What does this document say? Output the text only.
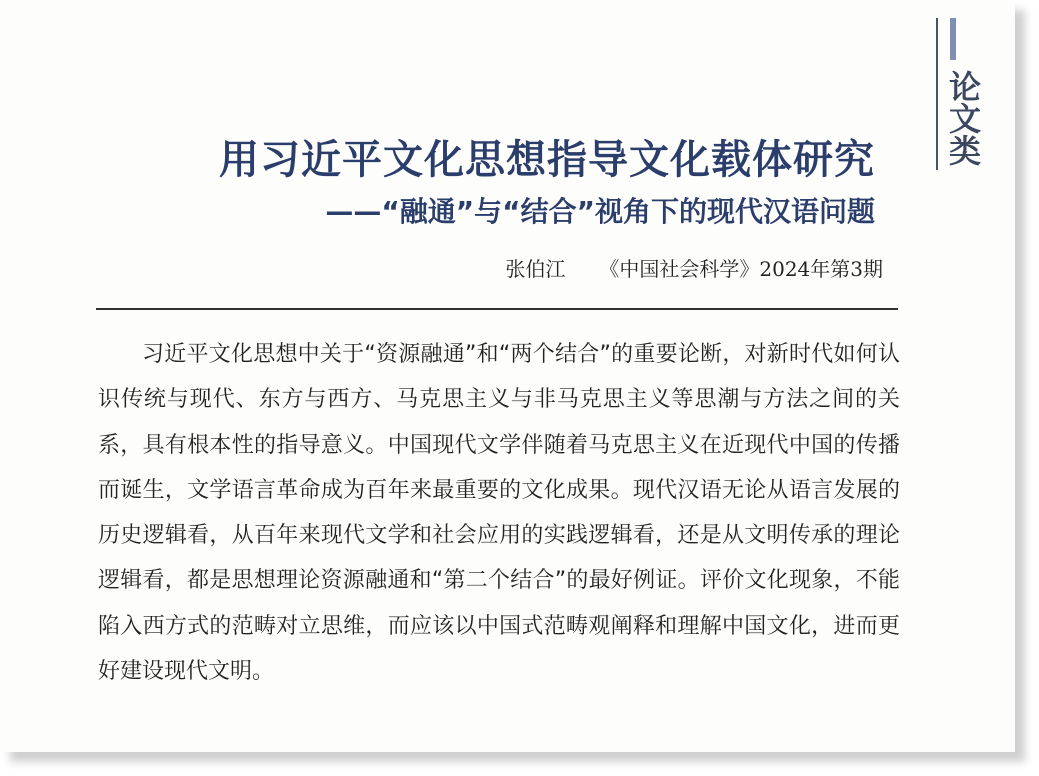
论文类
用习近平文化思想指导文化载体研究
——“融通”与“结合”视角下的现代汉语问题
张伯江 《中国社会科学》2024年第3期
习近平文化思想中关于“资源融通”和“两个结合”的重要论断，对新时代如何认识传统与现代、东方与西方、马克思主义与非马克思主义等思潮与方法之间的关系，具有根本性的指导意义。中国现代文学伴随着马克思主义在近现代中国的传播而诞生，文学语言革命成为百年来最重要的文化成果。现代汉语无论从语言发展的历史逻辑看，从百年来现代文学和社会应用的实践逻辑看，还是从文明传承的理论逻辑看，都是思想理论资源融通和“第二个结合”的最好例证。评价文化现象，不能陷入西方式的范畴对立思维，而应该以中国式范畴观阐释和理解中国文化，进而更好建设现代文明。
